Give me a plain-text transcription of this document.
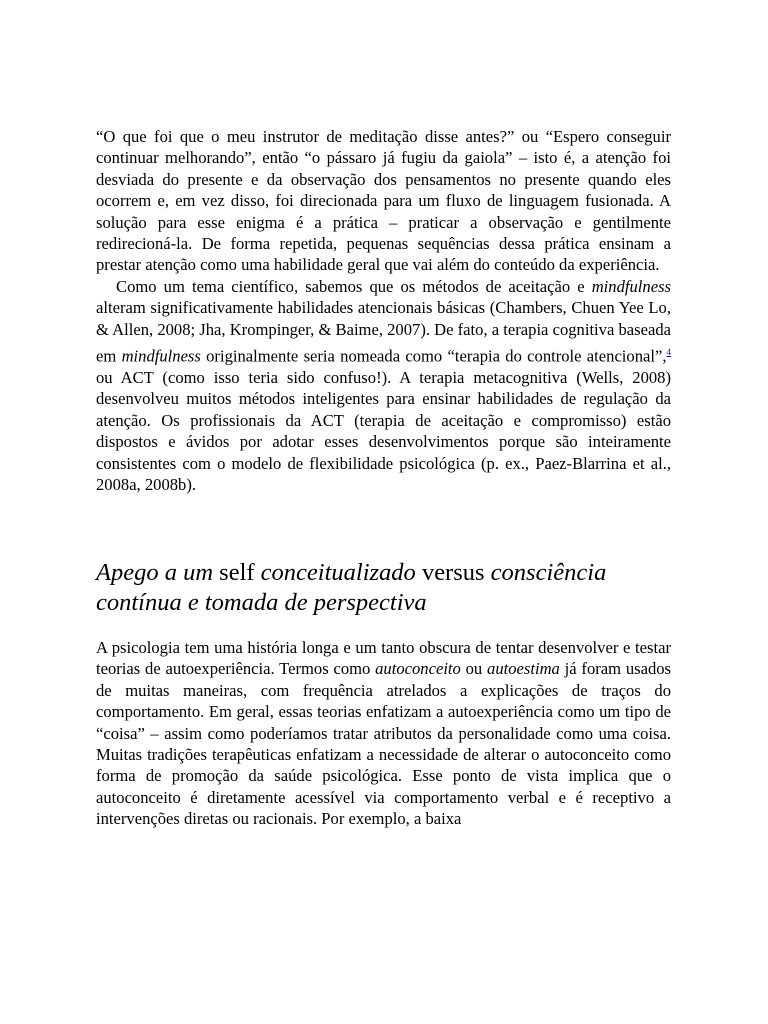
“O que foi que o meu instrutor de meditação disse antes?” ou “Espero conseguir continuar melhorando”, então “o pássaro já fugiu da gaiola” – isto é, a atenção foi desviada do presente e da observação dos pensamentos no presente quando eles ocorrem e, em vez disso, foi direcionada para um fluxo de linguagem fusionada. A solução para esse enigma é a prática – praticar a observação e gentilmente redirecioná-la. De forma repetida, pequenas sequências dessa prática ensinam a prestar atenção como uma habilidade geral que vai além do conteúdo da experiência.

Como um tema científico, sabemos que os métodos de aceitação e mindfulness alteram significativamente habilidades atencionais básicas (Chambers, Chuen Yee Lo, & Allen, 2008; Jha, Krompinger, & Baime, 2007). De fato, a terapia cognitiva baseada em mindfulness originalmente seria nomeada como “terapia do controle atencional”,$^4$ ou ACT (como isso teria sido confuso!). A terapia metacognitiva (Wells, 2008) desenvolveu muitos métodos inteligentes para ensinar habilidades de regulação da atenção. Os profissionais da ACT (terapia de aceitação e compromisso) estão dispostos e ávidos por adotar esses desenvolvimentos porque são inteiramente consistentes com o modelo de flexibilidade psicológica (p. ex., Paez-Blarrina et al., 2008a, 2008b).

Apego a um self conceitualizado versus consciência contínua e tomada de perspectiva

A psicologia tem uma história longa e um tanto obscura de tentar desenvolver e testar teorias de autoexperiência. Termos como autoconceito ou autoestima já foram usados de muitas maneiras, com frequência atrelados a explicações de traços do comportamento. Em geral, essas teorias enfatizam a autoexperiência como um tipo de “coisa” – assim como poderíamos tratar atributos da personalidade como uma coisa. Muitas tradições terapêuticas enfatizam a necessidade de alterar o autoconceito como forma de promoção da saúde psicológica. Esse ponto de vista implica que o autoconceito é diretamente acessível via comportamento verbal e é receptivo a intervenções diretas ou racionais. Por exemplo, a baixa
